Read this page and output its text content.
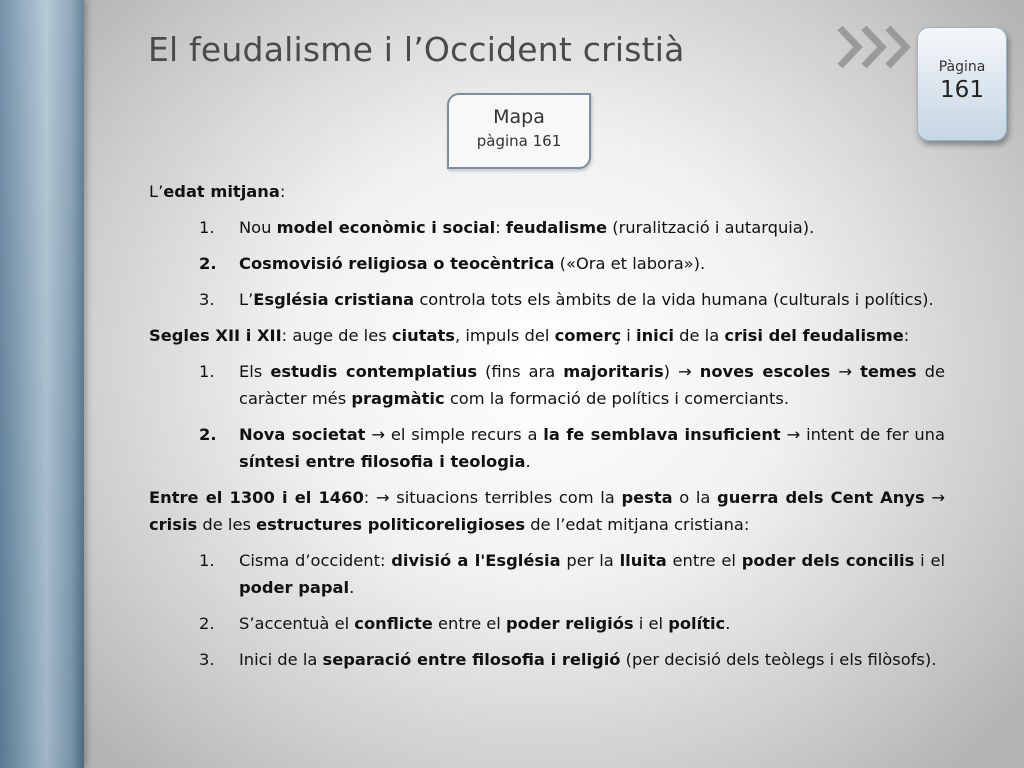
El feudalisme i l’Occident cristià	Pàgina
161
Mapa
pàgina 161

L’edat mitjana:

1.	Nou model econòmic i social: feudalisme (ruralització i autarquia).
2.	Cosmovisió religiosa o teocèntrica («Ora et labora»).
3.	L’Església cristiana controla tots els àmbits de la vida humana (culturals i polítics).

Segles XII i XII: auge de les ciutats, impuls del comerç i inici de la crisi del feudalisme:

1.	Els estudis contemplatius (fins ara majoritaris) → noves escoles → temes de caràcter més pragmàtic com la formació de polítics i comerciants.
2.	Nova societat → el simple recurs a la fe semblava insuficient → intent de fer una síntesi entre filosofia i teologia.

Entre el 1300 i el 1460: → situacions terribles com la pesta o la guerra dels Cent Anys → crisis de les estructures politicoreligioses de l’edat mitjana cristiana:

1.	Cisma d’occident: divisió a l'Església per la lluita entre el poder dels concilis i el poder papal.
2.	S’accentuà el conflicte entre el poder religiós i el polític.
3.	Inici de la separació entre filosofia i religió (per decisió dels teòlegs i els filòsofs).
